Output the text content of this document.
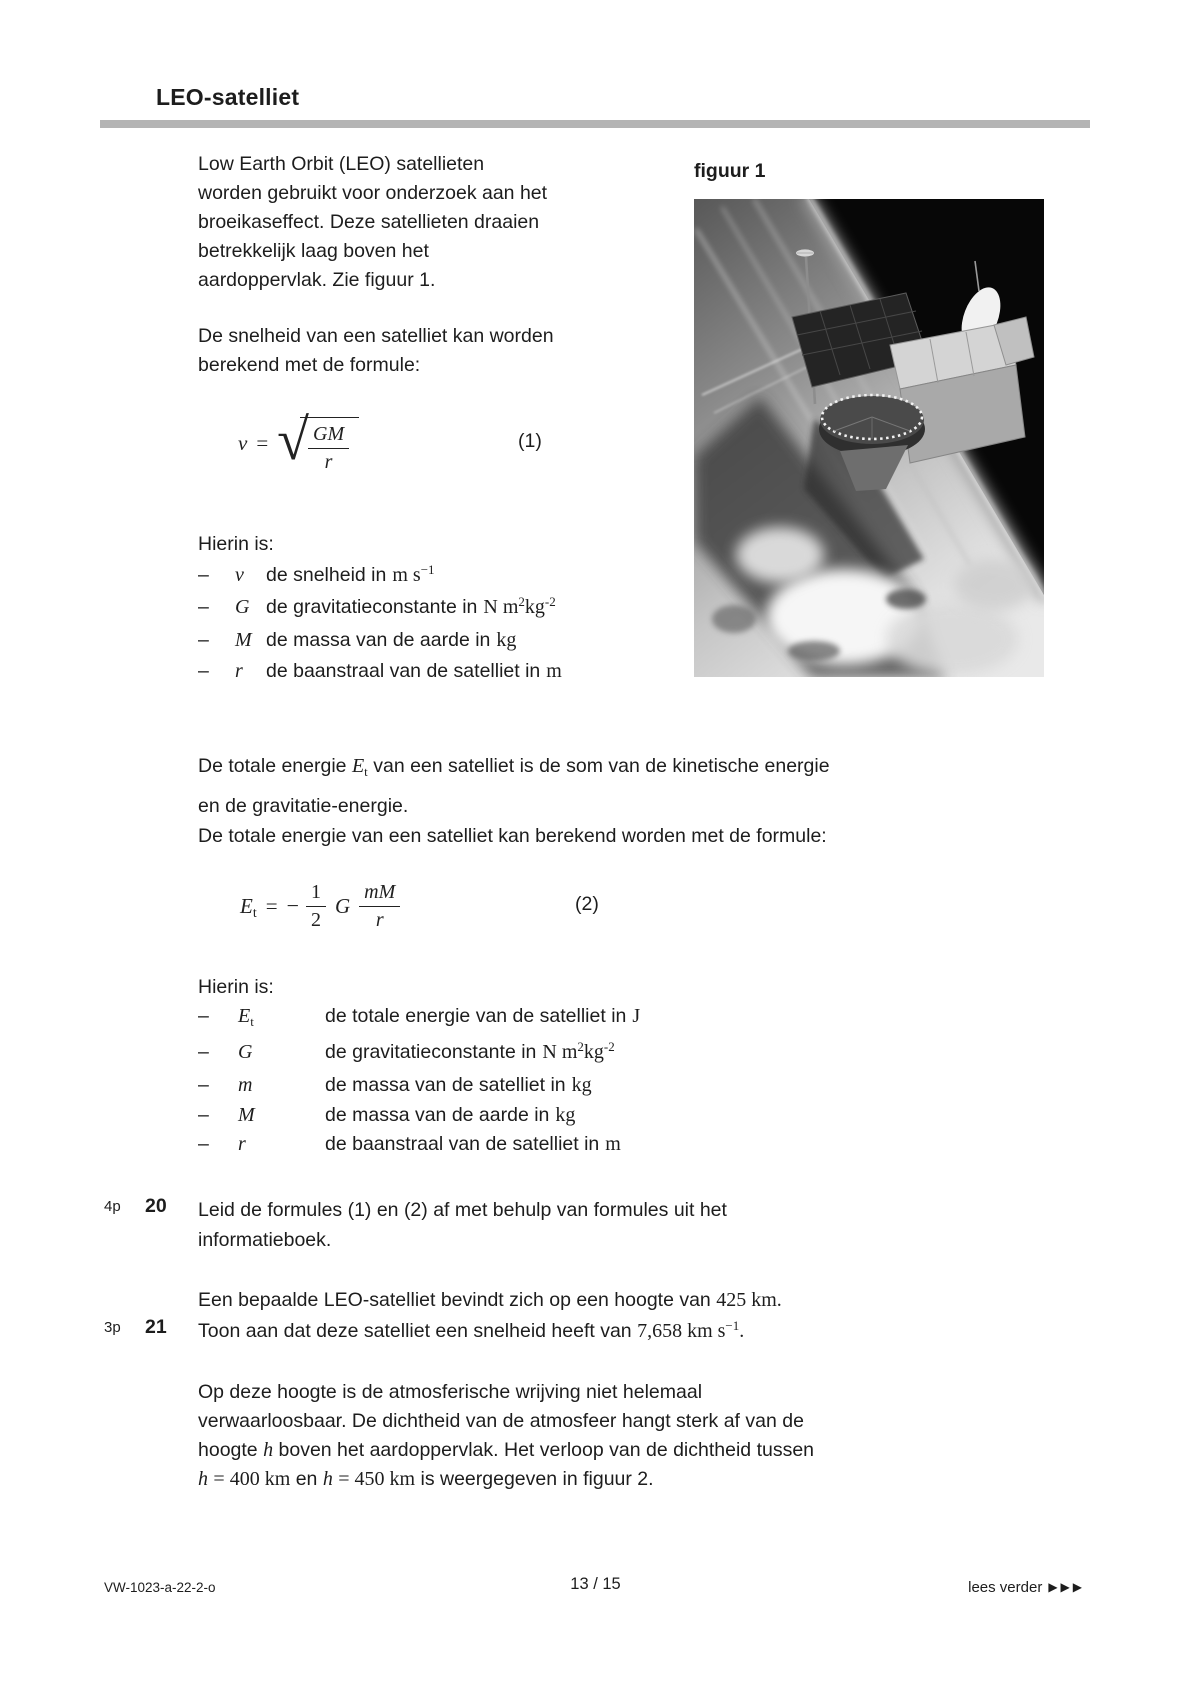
LEO-satelliet
Low Earth Orbit (LEO) satellieten
worden gebruikt voor onderzoek aan het
broeikaseffect. Deze satellieten draaien
betrekkelijk laag boven het
aardoppervlak. Zie figuur 1.
figuur 1
De snelheid van een satelliet kan worden
berekend met de formule:
v = √ $\frac{GM}{r}$	(1)
Hierin is:
– v de snelheid in m $s^{-1}$
– G de gravitatieconstante in N $m^2kg^{-2}$
– M de massa van de aarde in kg
– r de baanstraal van de satelliet in m
De totale energie $E_t$ van een satelliet is de som van de kinetische energie
en de gravitatie-energie.
De totale energie van een satelliet kan berekend worden met de formule:
$E_t$ = − $\frac{1}{2}$ G $\frac{mM}{r}$	(2)
Hierin is:
– $E_t$	de totale energie van de satelliet in J
– G	de gravitatieconstante in N $m^2kg^{-2}$
– m	de massa van de satelliet in kg
– M	de massa van de aarde in kg
– r	de baanstraal van de satelliet in m
4p 20 Leid de formules (1) en (2) af met behulp van formules uit het
informatieboek.
Een bepaalde LEO-satelliet bevindt zich op een hoogte van 425 km.
3p 21 Toon aan dat deze satelliet een snelheid heeft van 7,658 km $s^{-1}$.
Op deze hoogte is de atmosferische wrijving niet helemaal
verwaarloosbaar. De dichtheid van de atmosfeer hangt sterk af van de
hoogte h boven het aardoppervlak. Het verloop van de dichtheid tussen
h = 400 km en h = 450 km is weergegeven in figuur 2.
VW-1023-a-22-2-o	13 / 15	lees verder ▶▶▶
